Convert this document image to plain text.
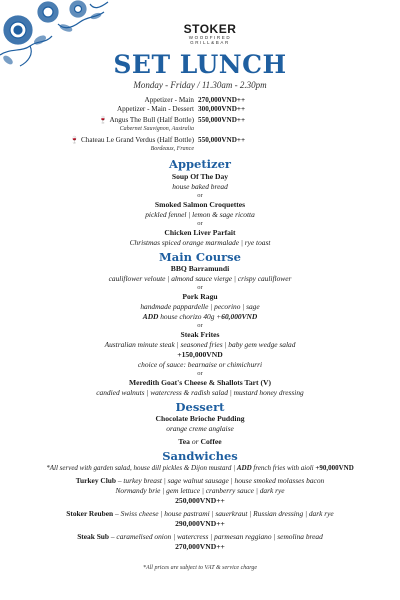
STOKER
WOODFIRED
GRILL&BAR
SET LUNCH
Monday - Friday / 11.30am - 2.30pm
Appetizer - Main 270,000VND++
Appetizer - Main - Dessert 300,000VND++
🍷 Angus The Bull (Half Bottle) 550,000VND++
Cabernet Sauvignon, Australia
🍷 Chateau Le Grand Verdus (Half Bottle) 550,000VND++
Bordeaux, France
Appetizer
Soup Of The Day
house baked bread
or
Smoked Salmon Croquettes
pickled fennel | lemon & sage ricotta
or
Chicken Liver Parfait
Christmas spiced orange marmalade | rye toast
Main Course
BBQ Barramundi
cauliflower veloute | almond sauce vierge | crispy cauliflower
or
Pork Ragu
handmade pappardelle | pecorino | sage
ADD house chorizo 40g +60,000VND
or
Steak Frites
Australian minute steak | seasoned fries | baby gem wedge salad
+150,000VND
choice of sauce: bearnaise or chimichurri
or
Meredith Goat's Cheese & Shallots Tart (V)
candied walnuts | watercress & radish salad | mustard honey dressing
Dessert
Chocolate Brioche Pudding
orange creme anglaise
Tea or Coffee
Sandwiches
*All served with garden salad, house dill pickles & Dijon mustard | ADD french fries with aioli +90,000VND
Turkey Club – turkey breast | sage walnut sausage | house smoked molasses bacon
Normandy brie | gem lettuce | cranberry sauce | dark rye
250,000VND++
Stoker Reuben – Swiss cheese | house pastrami | sauerkraut | Russian dressing | dark rye
290,000VND++
Steak Sub – caramelised onion | watercress | parmesan reggiano | semolina bread
270,000VND++
*All prices are subject to VAT & service charge
